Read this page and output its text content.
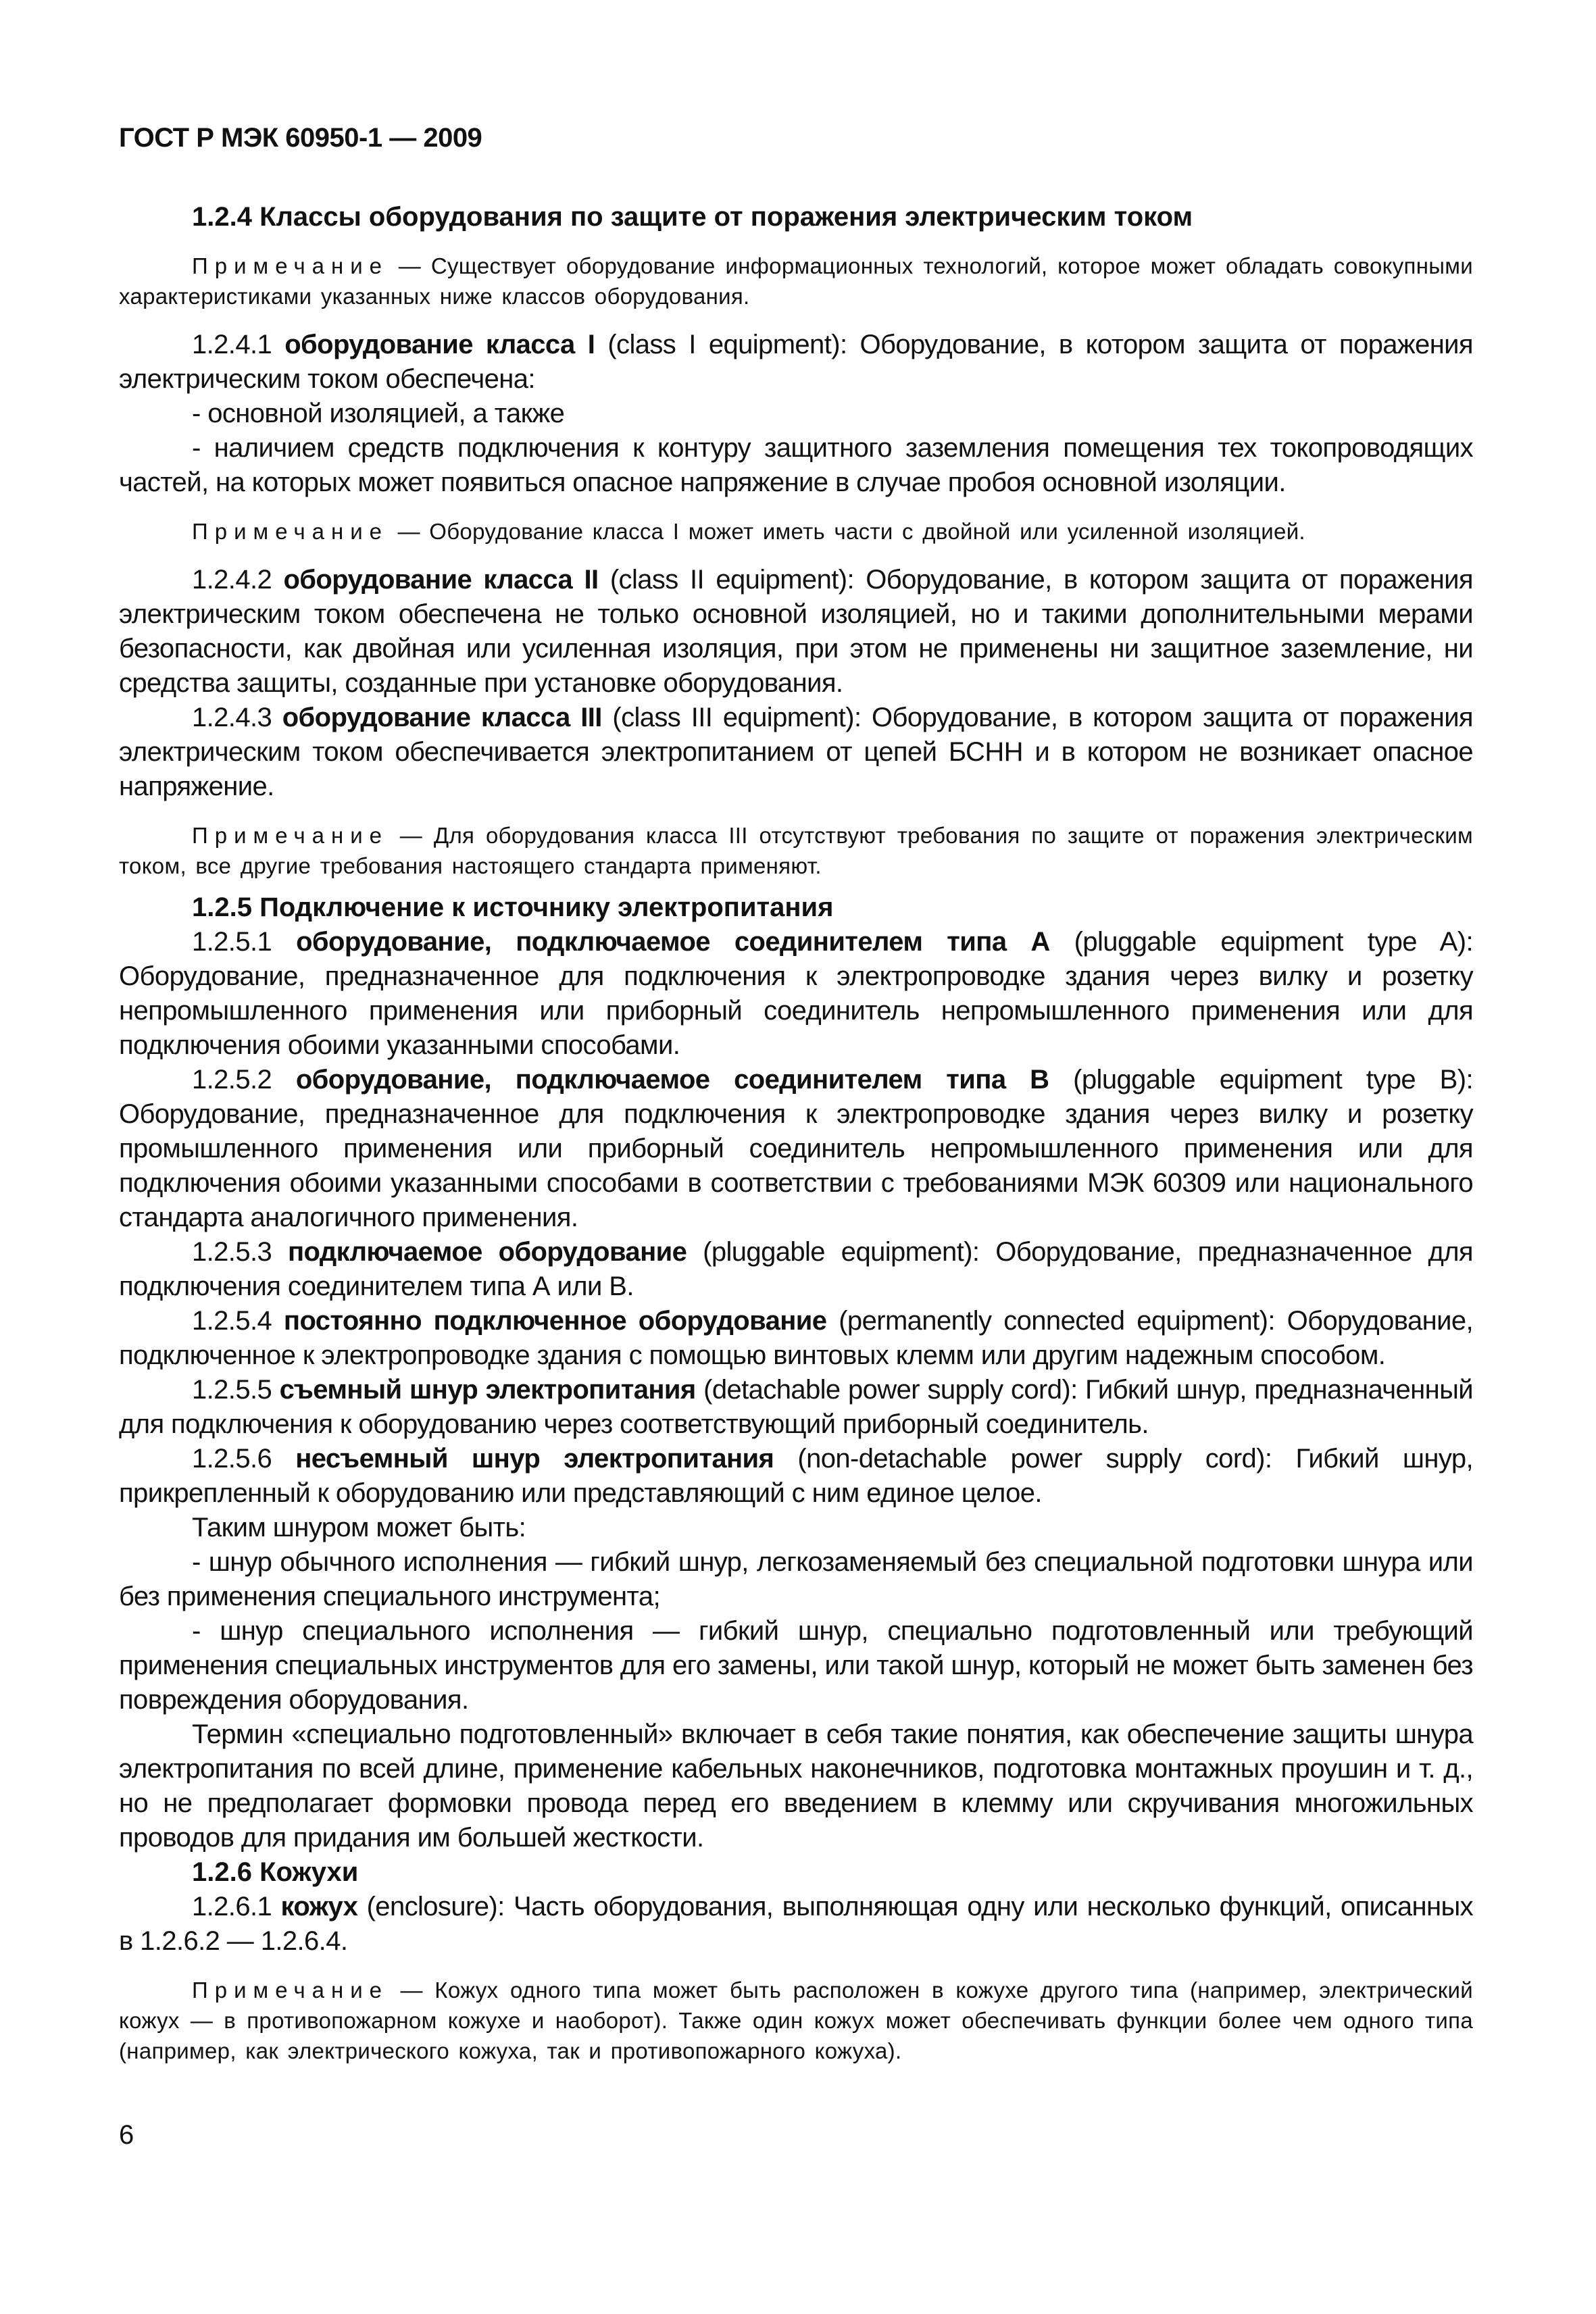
ГОСТ Р МЭК 60950-1 — 2009

1.2.4 Классы оборудования по защите от поражения электрическим током

Примечание — Существует оборудование информационных технологий, которое может обладать совокупными характеристиками указанных ниже классов оборудования.

1.2.4.1 оборудование класса I (class I equipment): Оборудование, в котором защита от поражения электрическим током обеспечена:

- основной изоляцией, а также

- наличием средств подключения к контуру защитного заземления помещения тех токопроводящих частей, на которых может появиться опасное напряжение в случае пробоя основной изоляции.

Примечание — Оборудование класса I может иметь части с двойной или усиленной изоляцией.

1.2.4.2 оборудование класса II (class II equipment): Оборудование, в котором защита от поражения электрическим током обеспечена не только основной изоляцией, но и такими дополнительными мерами безопасности, как двойная или усиленная изоляция, при этом не применены ни защитное заземление, ни средства защиты, созданные при установке оборудования.

1.2.4.3 оборудование класса III (class III equipment): Оборудование, в котором защита от поражения электрическим током обеспечивается электропитанием от цепей БСНН и в котором не возникает опасное напряжение.

Примечание — Для оборудования класса III отсутствуют требования по защите от поражения электрическим током, все другие требования настоящего стандарта применяют.

1.2.5 Подключение к источнику электропитания

1.2.5.1 оборудование, подключаемое соединителем типа А (pluggable equipment type A): Оборудование, предназначенное для подключения к электропроводке здания через вилку и розетку непромышленного применения или приборный соединитель непромышленного применения или для подключения обоими указанными способами.

1.2.5.2 оборудование, подключаемое соединителем типа В (pluggable equipment type B): Оборудование, предназначенное для подключения к электропроводке здания через вилку и розетку промышленного применения или приборный соединитель непромышленного применения или для подключения обоими указанными способами в соответствии с требованиями МЭК 60309 или национального стандарта аналогичного применения.

1.2.5.3 подключаемое оборудование (pluggable equipment): Оборудование, предназначенное для подключения соединителем типа А или В.

1.2.5.4 постоянно подключенное оборудование (permanently connected equipment): Оборудование, подключенное к электропроводке здания с помощью винтовых клемм или другим надежным способом.

1.2.5.5 съемный шнур электропитания (detachable power supply cord): Гибкий шнур, предназначенный для подключения к оборудованию через соответствующий приборный соединитель.

1.2.5.6 несъемный шнур электропитания (non-detachable power supply cord): Гибкий шнур, прикрепленный к оборудованию или представляющий с ним единое целое.

Таким шнуром может быть:

- шнур обычного исполнения — гибкий шнур, легкозаменяемый без специальной подготовки шнура или без применения специального инструмента;

- шнур специального исполнения — гибкий шнур, специально подготовленный или требующий применения специальных инструментов для его замены, или такой шнур, который не может быть заменен без повреждения оборудования.

Термин «специально подготовленный» включает в себя такие понятия, как обеспечение защиты шнура электропитания по всей длине, применение кабельных наконечников, подготовка монтажных проушин и т. д., но не предполагает формовки провода перед его введением в клемму или скручивания многожильных проводов для придания им большей жесткости.

1.2.6 Кожухи

1.2.6.1 кожух (enclosure): Часть оборудования, выполняющая одну или несколько функций, описанных в 1.2.6.2 — 1.2.6.4.

Примечание — Кожух одного типа может быть расположен в кожухе другого типа (например, электрический кожух — в противопожарном кожухе и наоборот). Также один кожух может обеспечивать функции более чем одного типа (например, как электрического кожуха, так и противопожарного кожуха).

6
